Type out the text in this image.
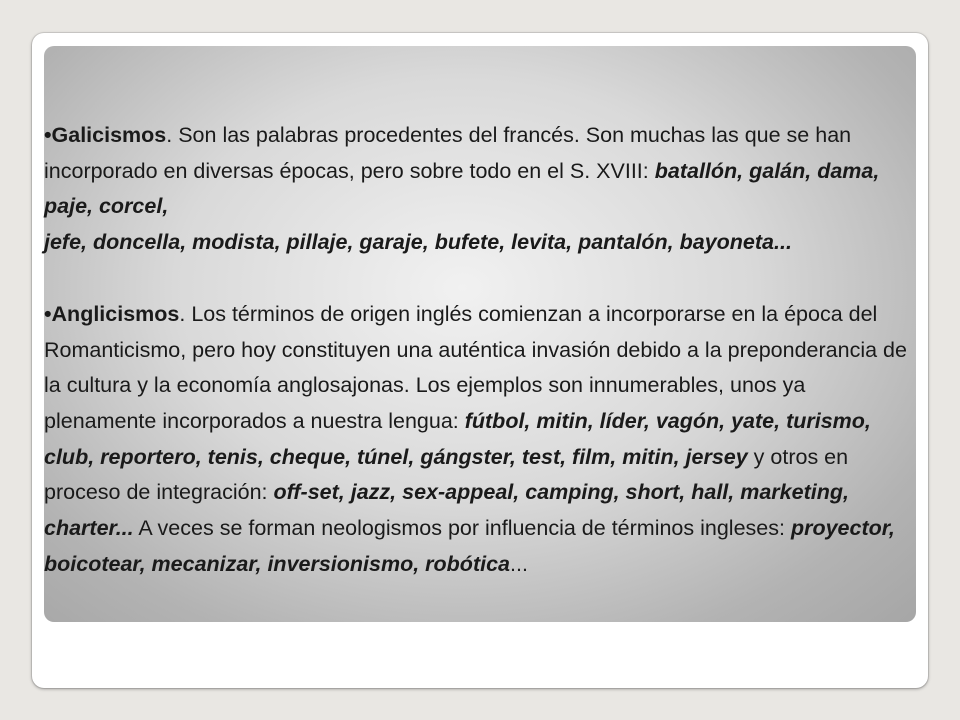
•Galicismos. Son las palabras procedentes del francés. Son muchas las que se han incorporado en diversas épocas, pero sobre todo en el S. XVIII: batallón, galán, dama, paje, corcel,

jefe, doncella, modista, pillaje, garaje, bufete, levita, pantalón, bayoneta...

•Anglicismos. Los términos de origen inglés comienzan a incorporarse en la época del Romanticismo, pero hoy constituyen una auténtica invasión debido a la preponderancia de la cultura y la economía anglosajonas. Los ejemplos son innumerables, unos ya plenamente incorporados a nuestra lengua: fútbol, mitin, líder, vagón, yate, turismo, club, reportero, tenis, cheque, túnel, gángster, test, film, mitin, jersey y otros en proceso de integración: off-set, jazz, sex-appeal, camping, short, hall, marketing, charter... A veces se forman neologismos por influencia de términos ingleses: proyector, boicotear, mecanizar, inversionismo, robótica...
